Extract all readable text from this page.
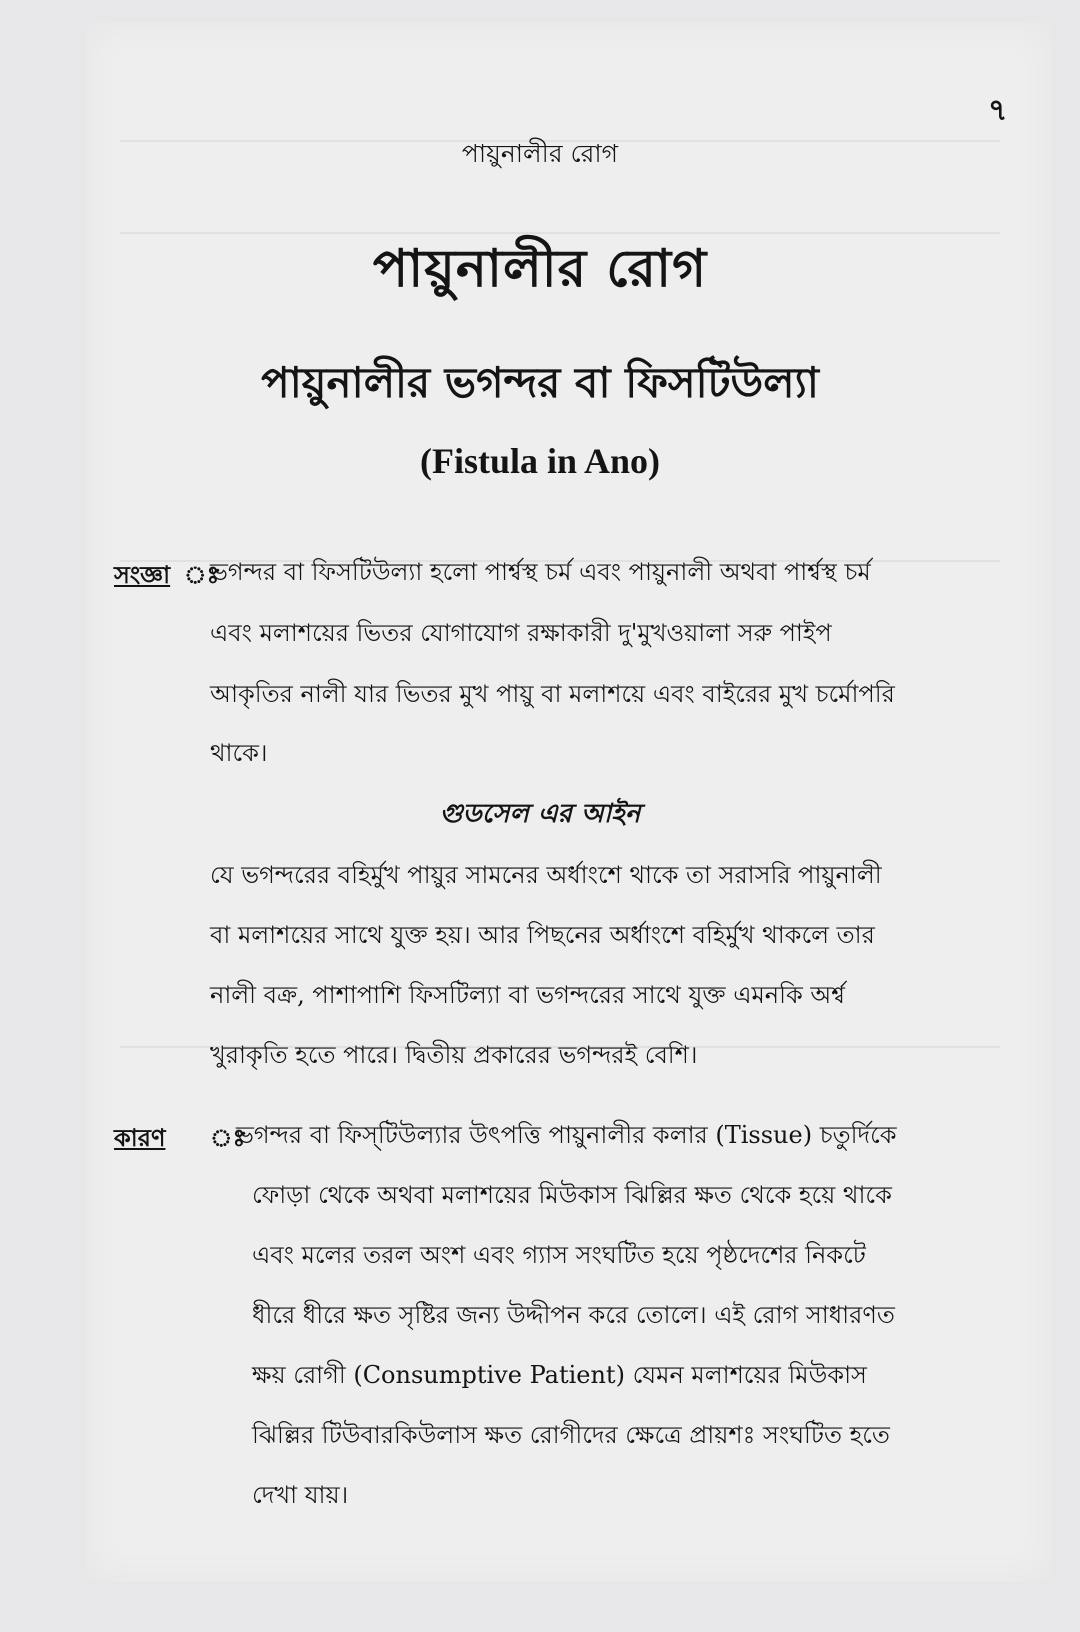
৭
পায়ুনালীর রোগ
পায়ুনালীর রোগ
পায়ুনালীর ভগন্দর বা ফিসটিউল্যা
(Fistula in Ano)
সংজ্ঞা ঃ
ভগন্দর বা ফিসটিউল্যা হলো পার্শ্বস্থ চর্ম এবং পায়ুনালী অথবা পার্শ্বস্থ চর্ম
এবং মলাশয়ের ভিতর যোগাযোগ রক্ষাকারী দু'মুখওয়ালা সরু পাইপ
আকৃতির নালী যার ভিতর মুখ পায়ু বা মলাশয়ে এবং বাইরের মুখ চর্মোপরি
থাকে।
গুডসেল এর আইন
যে ভগন্দরের বহির্মুখ পায়ুর সামনের অর্ধাংশে থাকে তা সরাসরি পায়ুনালী
বা মলাশয়ের সাথে যুক্ত হয়। আর পিছনের অর্ধাংশে বহির্মুখ থাকলে তার
নালী বক্র, পাশাপাশি ফিসটিল্যা বা ভগন্দরের সাথে যুক্ত এমনকি অর্শ্ব
খুরাকৃতি হতে পারে। দ্বিতীয় প্রকারের ভগন্দরই বেশি।
কারণ ঃ
ভগন্দর বা ফিস্‌টিউল্যার উৎপত্তি পায়ুনালীর কলার (Tissue) চতুর্দিকে
ফোড়া থেকে অথবা মলাশয়ের মিউকাস ঝিল্লির ক্ষত থেকে হয়ে থাকে
এবং মলের তরল অংশ এবং গ্যাস সংঘটিত হয়ে পৃষ্ঠদেশের নিকটে
ধীরে ধীরে ক্ষত সৃষ্টির জন্য উদ্দীপন করে তোলে। এই রোগ সাধারণত
ক্ষয় রোগী (Consumptive Patient) যেমন মলাশয়ের মিউকাস
ঝিল্লির টিউবারকিউলাস ক্ষত রোগীদের ক্ষেত্রে প্রায়শঃ সংঘটিত হতে
দেখা যায়।
